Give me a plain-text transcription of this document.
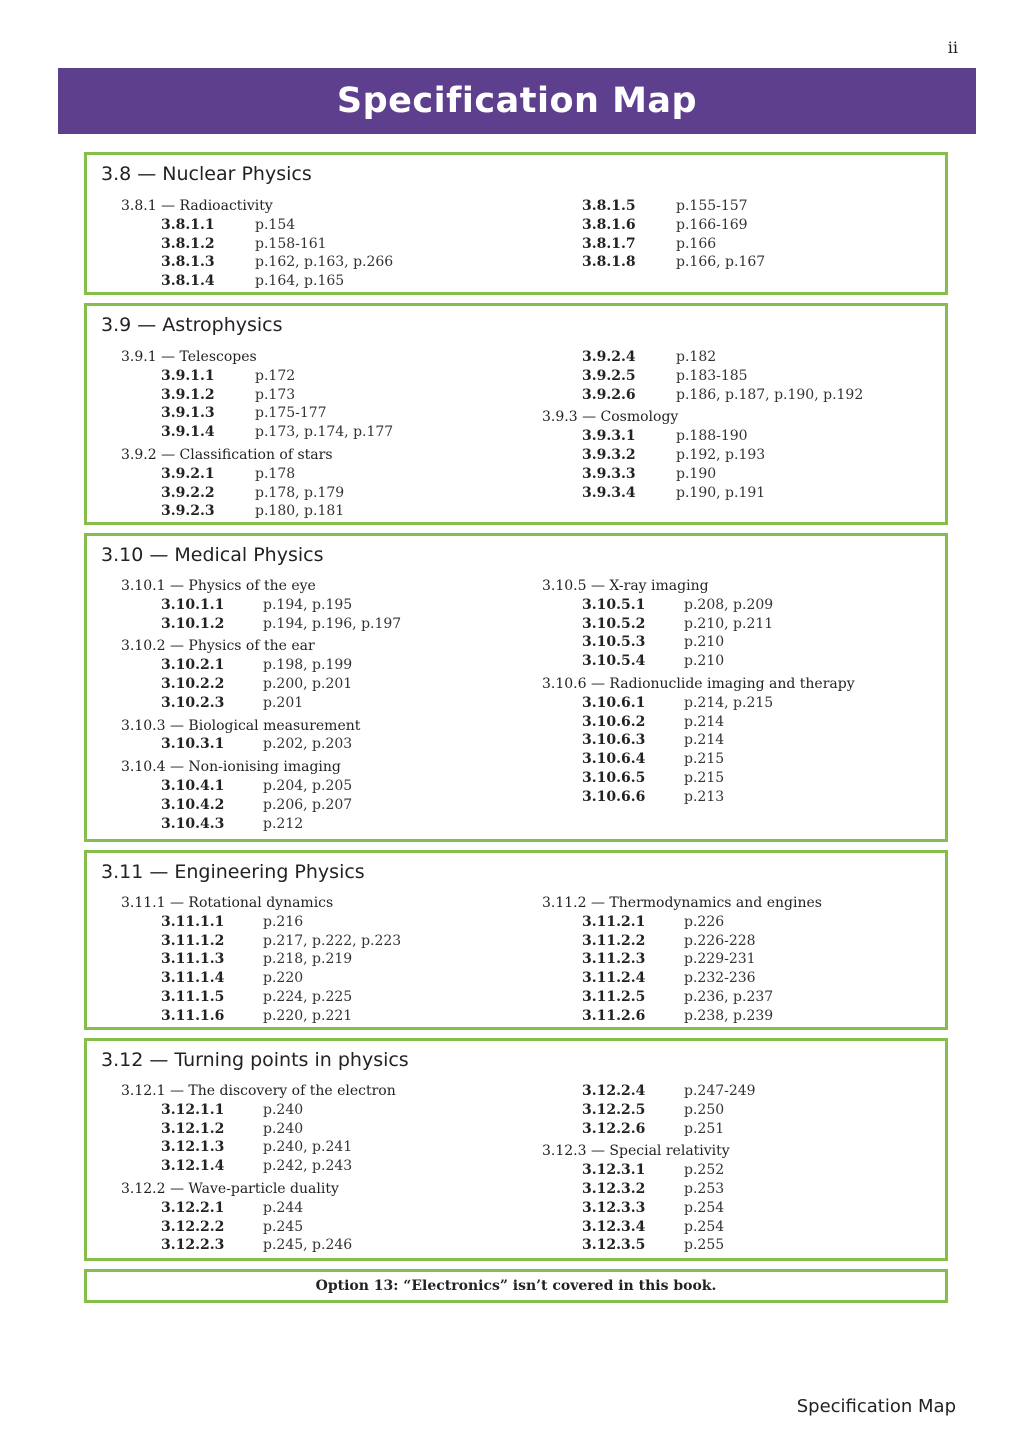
ii
Specification Map
3.8 — Nuclear Physics
3.8.1 — Radioactivity
3.8.1.1	p.154
3.8.1.2	p.158-161
3.8.1.3	p.162, p.163, p.266
3.8.1.4	p.164, p.165
3.8.1.5	p.155-157
3.8.1.6	p.166-169
3.8.1.7	p.166
3.8.1.8	p.166, p.167
3.9 — Astrophysics
3.9.1 — Telescopes
3.9.1.1	p.172
3.9.1.2	p.173
3.9.1.3	p.175-177
3.9.1.4	p.173, p.174, p.177
3.9.2 — Classification of stars
3.9.2.1	p.178
3.9.2.2	p.178, p.179
3.9.2.3	p.180, p.181
3.9.2.4	p.182
3.9.2.5	p.183-185
3.9.2.6	p.186, p.187, p.190, p.192
3.9.3 — Cosmology
3.9.3.1	p.188-190
3.9.3.2	p.192, p.193
3.9.3.3	p.190
3.9.3.4	p.190, p.191
3.10 — Medical Physics
3.10.1 — Physics of the eye
3.10.1.1	p.194, p.195
3.10.1.2	p.194, p.196, p.197
3.10.2 — Physics of the ear
3.10.2.1	p.198, p.199
3.10.2.2	p.200, p.201
3.10.2.3	p.201
3.10.3 — Biological measurement
3.10.3.1	p.202, p.203
3.10.4 — Non-ionising imaging
3.10.4.1	p.204, p.205
3.10.4.2	p.206, p.207
3.10.4.3	p.212
3.10.5 — X-ray imaging
3.10.5.1	p.208, p.209
3.10.5.2	p.210, p.211
3.10.5.3	p.210
3.10.5.4	p.210
3.10.6 — Radionuclide imaging and therapy
3.10.6.1	p.214, p.215
3.10.6.2	p.214
3.10.6.3	p.214
3.10.6.4	p.215
3.10.6.5	p.215
3.10.6.6	p.213
3.11 — Engineering Physics
3.11.1 — Rotational dynamics
3.11.1.1	p.216
3.11.1.2	p.217, p.222, p.223
3.11.1.3	p.218, p.219
3.11.1.4	p.220
3.11.1.5	p.224, p.225
3.11.1.6	p.220, p.221
3.11.2 — Thermodynamics and engines
3.11.2.1	p.226
3.11.2.2	p.226-228
3.11.2.3	p.229-231
3.11.2.4	p.232-236
3.11.2.5	p.236, p.237
3.11.2.6	p.238, p.239
3.12 — Turning points in physics
3.12.1 — The discovery of the electron
3.12.1.1	p.240
3.12.1.2	p.240
3.12.1.3	p.240, p.241
3.12.1.4	p.242, p.243
3.12.2 — Wave-particle duality
3.12.2.1	p.244
3.12.2.2	p.245
3.12.2.3	p.245, p.246
3.12.2.4	p.247-249
3.12.2.5	p.250
3.12.2.6	p.251
3.12.3 — Special relativity
3.12.3.1	p.252
3.12.3.2	p.253
3.12.3.3	p.254
3.12.3.4	p.254
3.12.3.5	p.255
Option 13: “Electronics” isn’t covered in this book.
Specification Map
